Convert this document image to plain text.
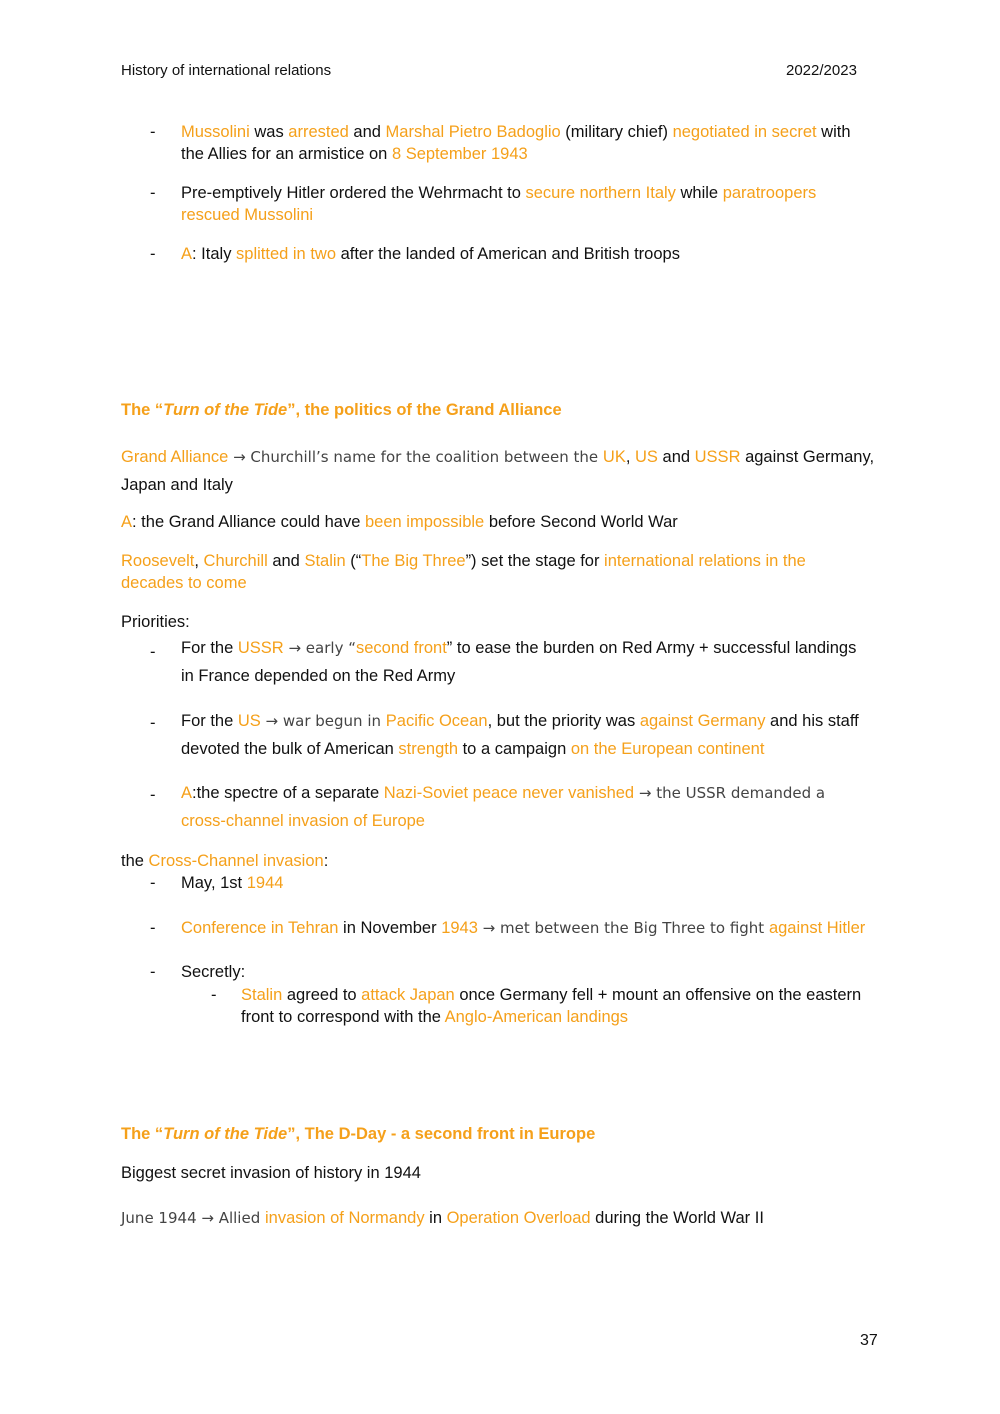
History of international relations	2022/2023
- Mussolini was arrested and Marshal Pietro Badoglio (military chief) negotiated in secret with
the Allies for an armistice on 8 September 1943
- Pre-emptively Hitler ordered the Wehrmacht to secure northern Italy while paratroopers
rescued Mussolini
- A: Italy splitted in two after the landed of American and British troops
The “Turn of the Tide”, the politics of the Grand Alliance
Grand Alliance → Churchill’s name for the coalition between the UK, US and USSR against Germany,
Japan and Italy
A: the Grand Alliance could have been impossible before Second World War
Roosevelt, Churchill and Stalin (“The Big Three”) set the stage for international relations in the
decades to come
Priorities:
- For the USSR → early “second front” to ease the burden on Red Army + successful landings
in France depended on the Red Army
- For the US → war begun in Pacific Ocean, but the priority was against Germany and his staff
devoted the bulk of American strength to a campaign on the European continent
- A:the spectre of a separate Nazi-Soviet peace never vanished → the USSR demanded a
cross-channel invasion of Europe
the Cross-Channel invasion:
- May, 1st 1944
- Conference in Tehran in November 1943 → met between the Big Three to fight against Hitler
- Secretly:
- Stalin agreed to attack Japan once Germany fell + mount an offensive on the eastern
front to correspond with the Anglo-American landings
The “Turn of the Tide”, The D-Day - a second front in Europe
Biggest secret invasion of history in 1944
June 1944 → Allied invasion of Normandy in Operation Overload during the World War II
37
